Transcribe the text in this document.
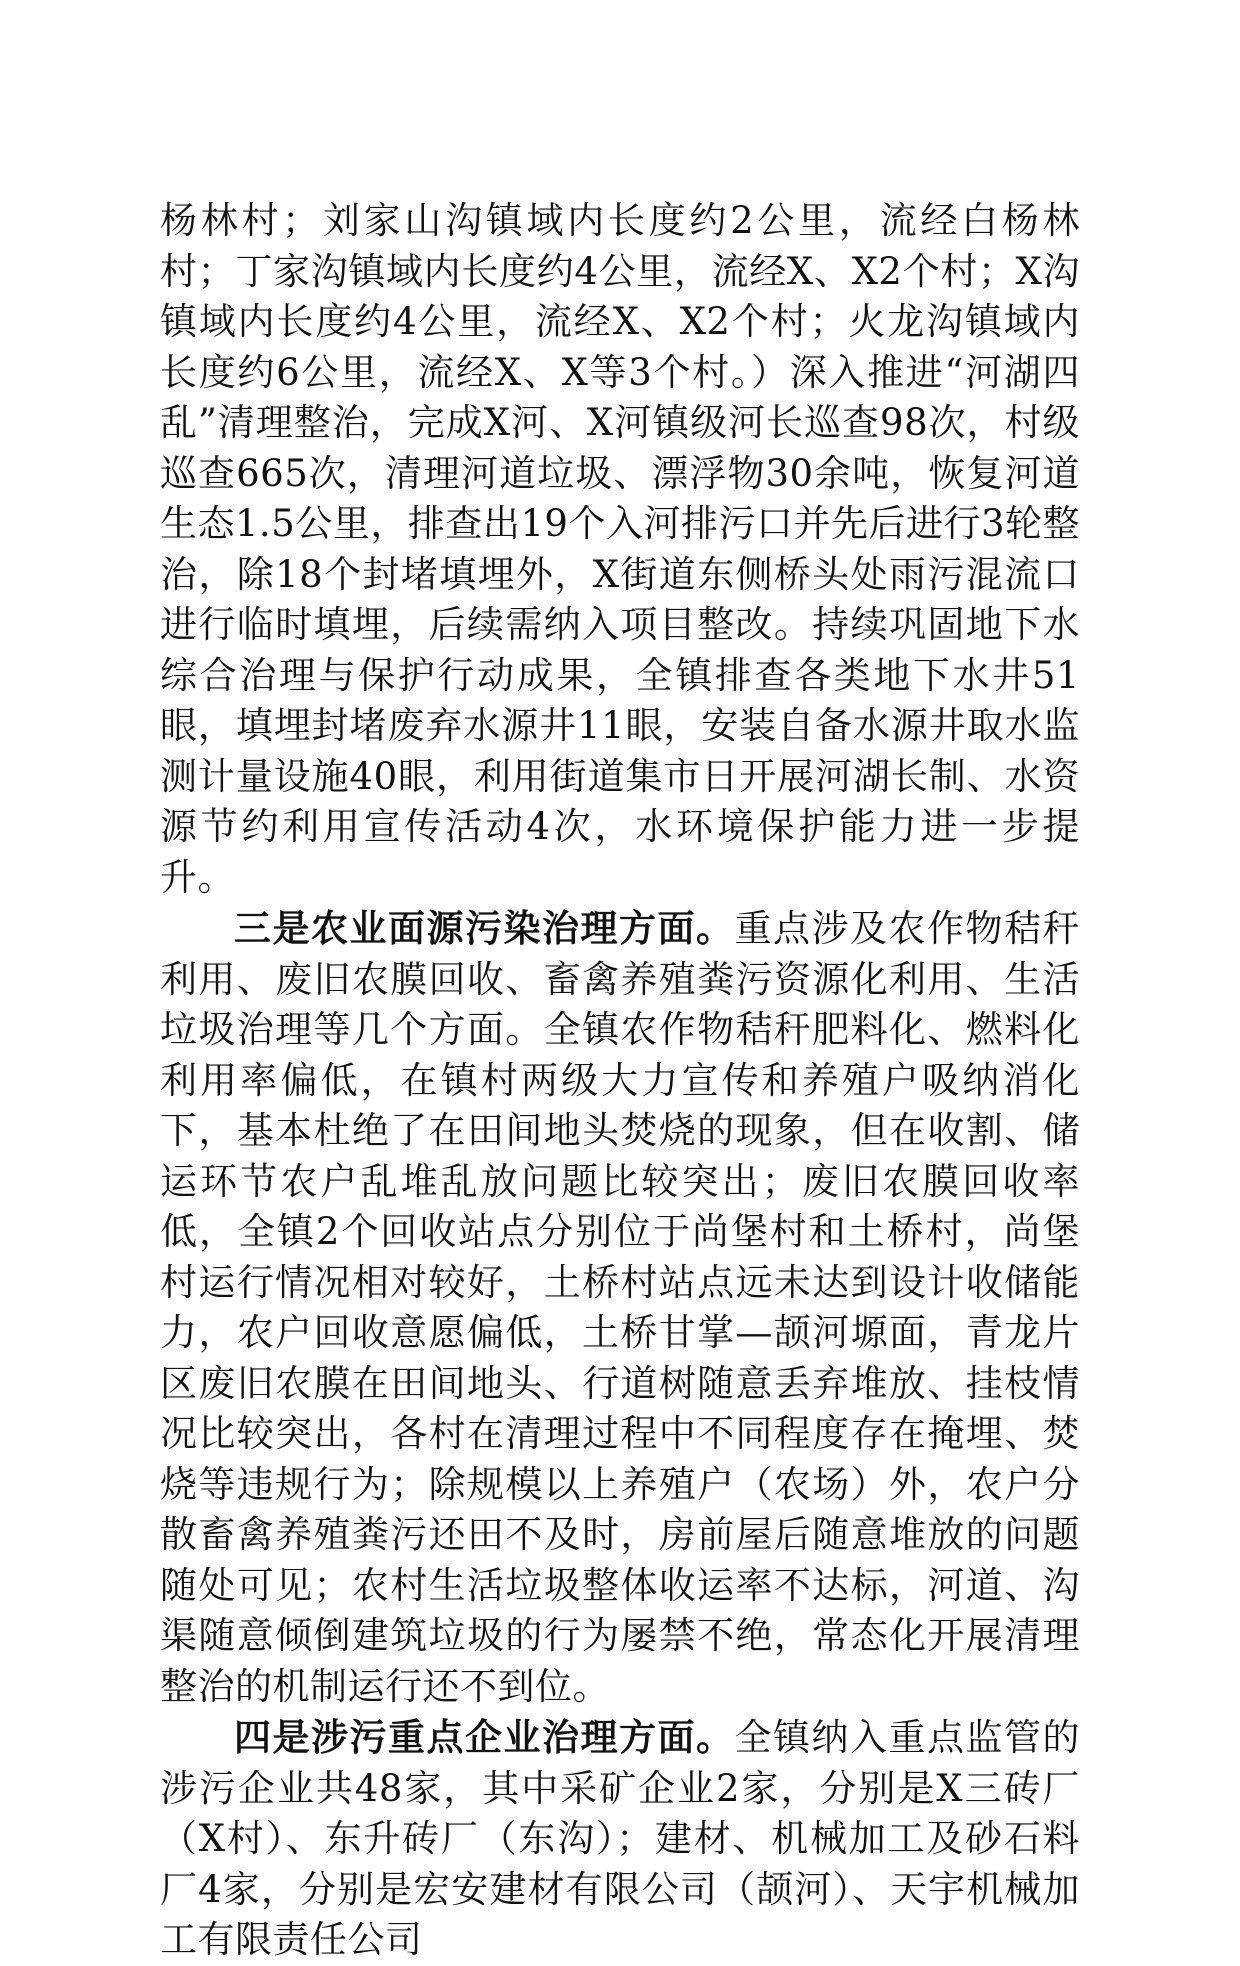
杨林村；刘家山沟镇域内长度约2公里，流经白杨林村；丁家沟镇域内长度约4公里，流经X、X2个村；X沟镇域内长度约4公里，流经X、X2个村；火龙沟镇域内长度约6公里，流经X、X等3个村。）深入推进“河湖四乱”清理整治，完成X河、X河镇级河长巡查98次，村级巡查665次，清理河道垃圾、漂浮物30余吨，恢复河道生态1.5公里，排查出19个入河排污口并先后进行3轮整治，除18个封堵填埋外，X街道东侧桥头处雨污混流口进行临时填埋，后续需纳入项目整改。持续巩固地下水综合治理与保护行动成果，全镇排查各类地下水井51眼，填埋封堵废弃水源井11眼，安装自备水源井取水监测计量设施40眼，利用街道集市日开展河湖长制、水资源节约利用宣传活动4次，水环境保护能力进一步提升。

三是农业面源污染治理方面。重点涉及农作物秸秆利用、废旧农膜回收、畜禽养殖粪污资源化利用、生活垃圾治理等几个方面。全镇农作物秸秆肥料化、燃料化利用率偏低，在镇村两级大力宣传和养殖户吸纳消化下，基本杜绝了在田间地头焚烧的现象，但在收割、储运环节农户乱堆乱放问题比较突出；废旧农膜回收率低，全镇2个回收站点分别位于尚堡村和土桥村，尚堡村运行情况相对较好，土桥村站点远未达到设计收储能力，农户回收意愿偏低，土桥甘掌—颉河塬面，青龙片区废旧农膜在田间地头、行道树随意丢弃堆放、挂枝情况比较突出，各村在清理过程中不同程度存在掩埋、焚烧等违规行为；除规模以上养殖户（农场）外，农户分散畜禽养殖粪污还田不及时，房前屋后随意堆放的问题随处可见；农村生活垃圾整体收运率不达标，河道、沟渠随意倾倒建筑垃圾的行为屡禁不绝，常态化开展清理整治的机制运行还不到位。

四是涉污重点企业治理方面。全镇纳入重点监管的涉污企业共48家，其中采矿企业2家，分别是X三砖厂（X村）、东升砖厂（东沟）；建材、机械加工及砂石料厂4家，分别是宏安建材有限公司（颉河）、天宇机械加工有限责任公司
